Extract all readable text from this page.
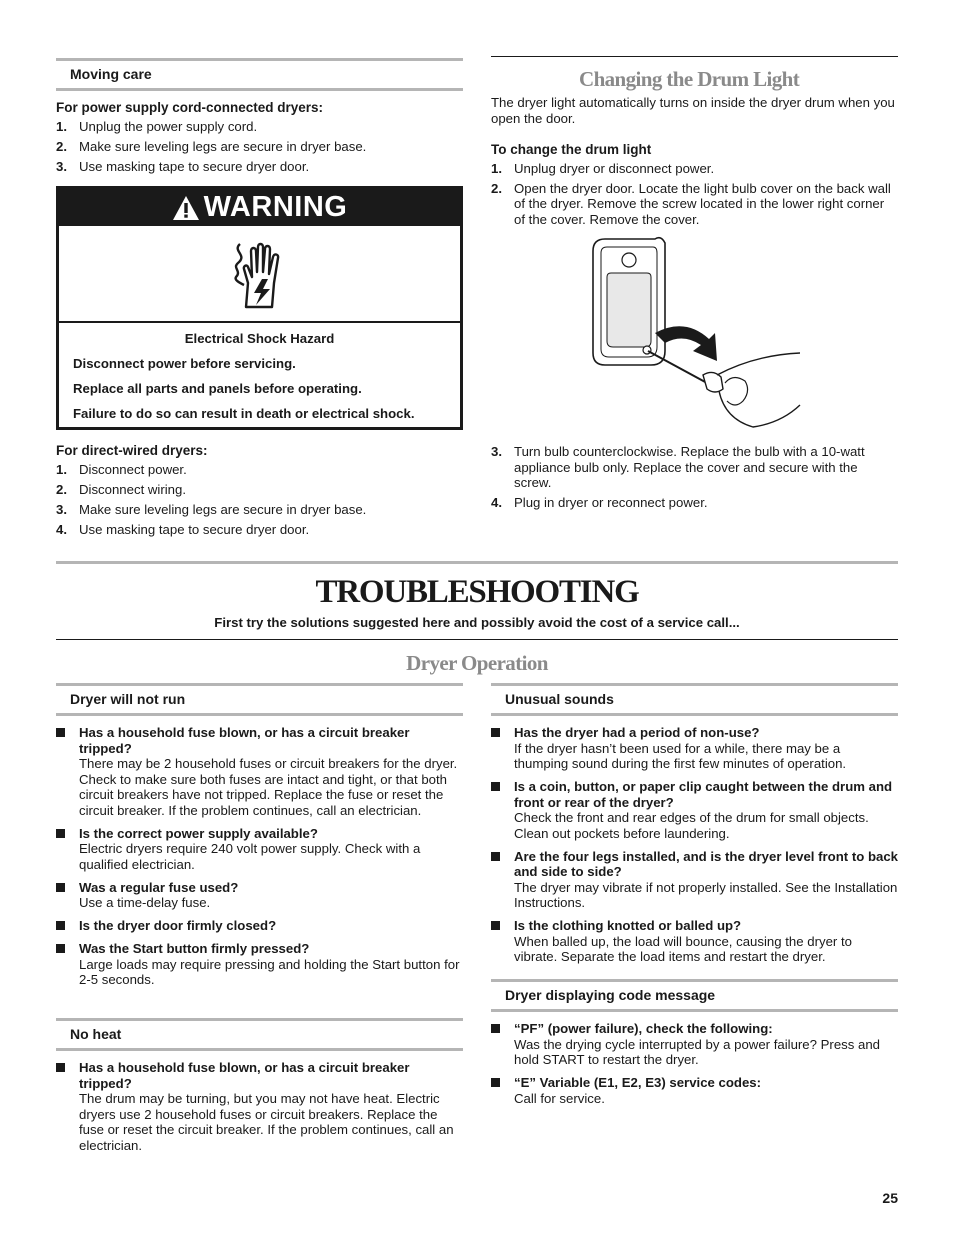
Moving care
For power supply cord-connected dryers:
1. Unplug the power supply cord.
2. Make sure leveling legs are secure in dryer base.
3. Use masking tape to secure dryer door.
WARNING

Electrical Shock Hazard

Disconnect power before servicing.

Replace all parts and panels before operating.

Failure to do so can result in death or electrical shock.

For direct-wired dryers:
1. Disconnect power.
2. Disconnect wiring.
3. Make sure leveling legs are secure in dryer base.
4. Use masking tape to secure dryer door.
Changing the Drum Light
The dryer light automatically turns on inside the dryer drum when you open the door.
To change the drum light
1. Unplug dryer or disconnect power.
2. Open the dryer door. Locate the light bulb cover on the back wall of the dryer. Remove the screw located in the lower right corner of the cover. Remove the cover.
3. Turn bulb counterclockwise. Replace the bulb with a 10-watt appliance bulb only. Replace the cover and secure with the screw.
4. Plug in dryer or reconnect power.
TROUBLESHOOTING
First try the solutions suggested here and possibly avoid the cost of a service call...
Dryer Operation
Dryer will not run
Has a household fuse blown, or has a circuit breaker tripped?
There may be 2 household fuses or circuit breakers for the dryer. Check to make sure both fuses are intact and tight, or that both circuit breakers have not tripped. Replace the fuse or reset the circuit breaker. If the problem continues, call an electrician.
Is the correct power supply available?
Electric dryers require 240 volt power supply. Check with a qualified electrician.
Was a regular fuse used?
Use a time-delay fuse.
Is the dryer door firmly closed?
Was the Start button firmly pressed?
Large loads may require pressing and holding the Start button for 2-5 seconds.
No heat
Has a household fuse blown, or has a circuit breaker tripped?
The drum may be turning, but you may not have heat. Electric dryers use 2 household fuses or circuit breakers. Replace the fuse or reset the circuit breaker. If the problem continues, call an electrician.
Unusual sounds
Has the dryer had a period of non-use?
If the dryer hasn’t been used for a while, there may be a thumping sound during the first few minutes of operation.
Is a coin, button, or paper clip caught between the drum and front or rear of the dryer?
Check the front and rear edges of the drum for small objects. Clean out pockets before laundering.
Are the four legs installed, and is the dryer level front to back and side to side?
The dryer may vibrate if not properly installed. See the Installation Instructions.
Is the clothing knotted or balled up?
When balled up, the load will bounce, causing the dryer to vibrate. Separate the load items and restart the dryer.
Dryer displaying code message
“PF” (power failure), check the following:
Was the drying cycle interrupted by a power failure? Press and hold START to restart the dryer.
“E” Variable (E1, E2, E3) service codes:
Call for service.
25
